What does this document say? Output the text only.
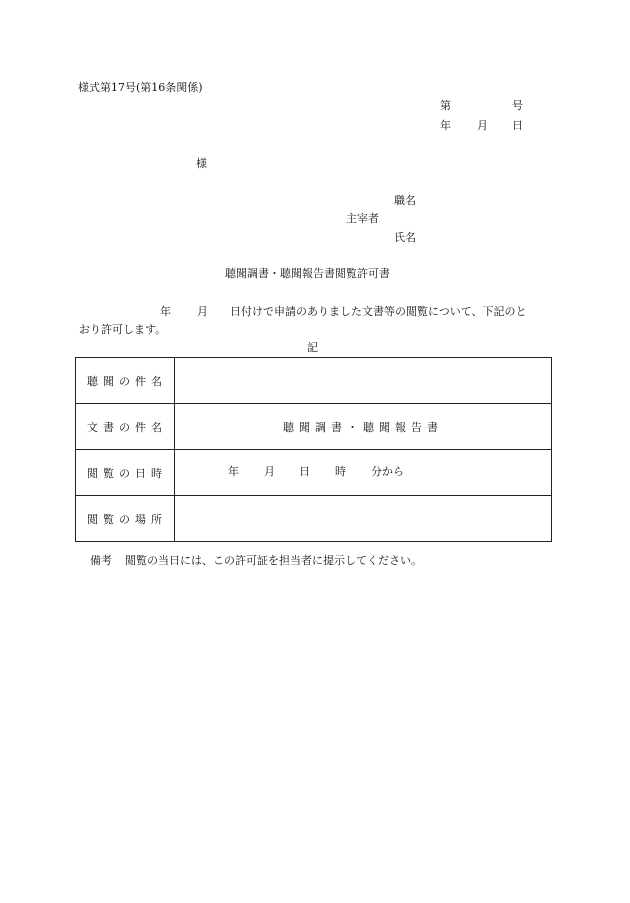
様式第17号(第16条関係)
第	号
年 月 日
様
職名
主宰者
氏名
聴聞調書・聴聞報告書閲覧許可書
年 月 日付けで申請のありました文書等の閲覧について、下記のと
おり許可します。
記
聴聞の件名	
文書の件名	聴聞調書・聴聞報告書
閲覧の日時	年 月 日 時 分から

閲覧の場所	
備考 閲覧の当日には、この許可証を担当者に提示してください。
